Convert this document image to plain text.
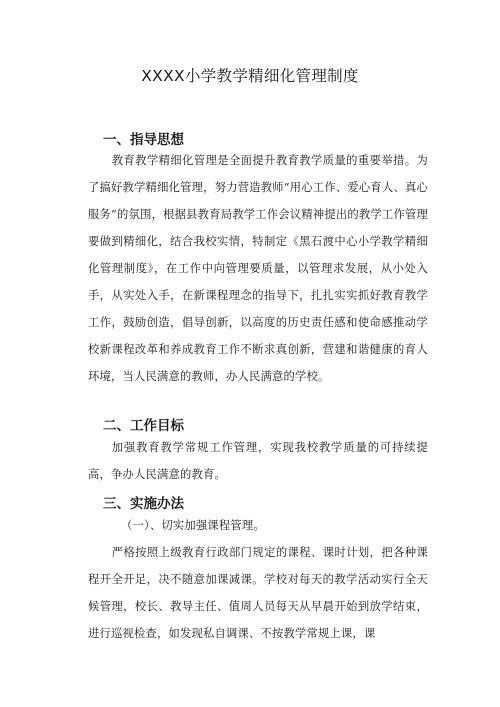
XXXX小学教学精细化管理制度
一、指导思想

教育教学精细化管理是全面提升教育教学质量的重要举措。为了搞好教学精细化管理，努力营造教师“用心工作、爱心育人、真心服务”的氛围，根据县教育局教学工作会议精神提出的教学工作管理要做到精细化，结合我校实情，特制定《黑石渡中心小学教学精细化管理制度》，在工作中向管理要质量，以管理求发展，从小处入手，从实处入手，在新课程理念的指导下，扎扎实实抓好教育教学工作，鼓励创造，倡导创新，以高度的历史责任感和使命感推动学校新课程改革和养成教育工作不断求真创新，营建和谐健康的育人环境，当人民满意的教师，办人民满意的学校。

二、工作目标

加强教育教学常规工作管理，实现我校教学质量的可持续提高，争办人民满意的教育。

三、实施办法

（一）、切实加强课程管理。

严格按照上级教育行政部门规定的课程、课时计划，把各种课程开全开足，决不随意加课减课。学校对每天的教学活动实行全天候管理，校长、教导主任、值周人员每天从早晨开始到放学结束，进行巡视检查，如发现私自调课、不按教学常规上课，课
